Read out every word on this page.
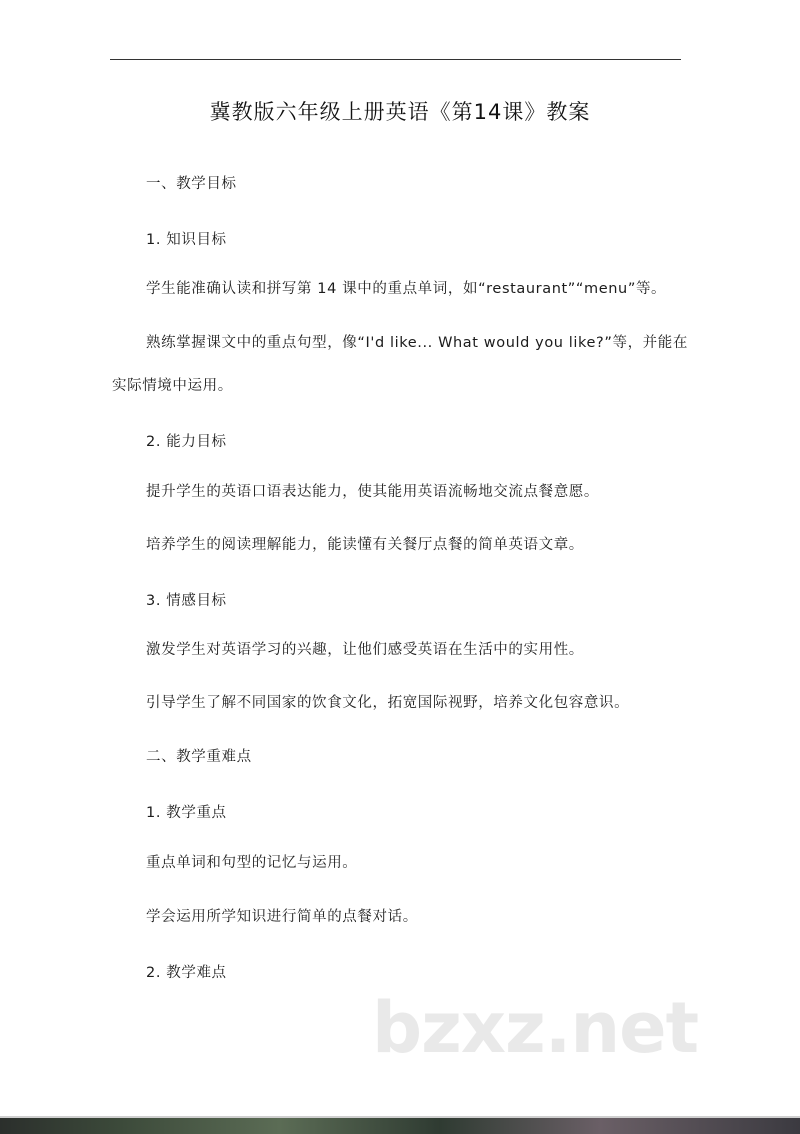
冀教版六年级上册英语《第14课》教案
一、教学目标
1. 知识目标
学生能准确认读和拼写第 14 课中的重点单词，如“restaurant”“menu”等。
熟练掌握课文中的重点句型，像“I'd like... What would you like?”等，并能在
实际情境中运用。
2. 能力目标
提升学生的英语口语表达能力，使其能用英语流畅地交流点餐意愿。
培养学生的阅读理解能力，能读懂有关餐厅点餐的简单英语文章。
3. 情感目标
激发学生对英语学习的兴趣，让他们感受英语在生活中的实用性。
引导学生了解不同国家的饮食文化，拓宽国际视野，培养文化包容意识。
二、教学重难点
1. 教学重点
重点单词和句型的记忆与运用。
学会运用所学知识进行简单的点餐对话。
2. 教学难点
bzxz.net
